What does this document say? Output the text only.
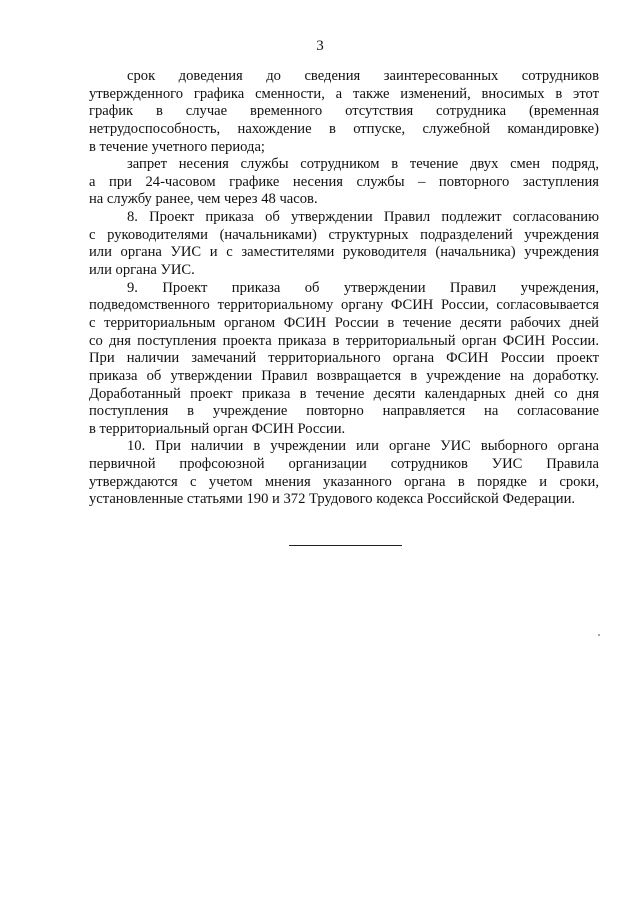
3
срок доведения до сведения заинтересованных сотрудников
утвержденного графика сменности, а также изменений, вносимых в этот
график в случае временного отсутствия сотрудника (временная
нетрудоспособность, нахождение в отпуске, служебной командировке)
в течение учетного периода;
запрет несения службы сотрудником в течение двух смен подряд,
а при 24-часовом графике несения службы – повторного заступления
на службу ранее, чем через 48 часов.
8. Проект приказа об утверждении Правил подлежит согласованию
с руководителями (начальниками) структурных подразделений учреждения
или органа УИС и с заместителями руководителя (начальника) учреждения
или органа УИС.
9. Проект приказа об утверждении Правил учреждения,
подведомственного территориальному органу ФСИН России, согласовывается
с территориальным органом ФСИН России в течение десяти рабочих дней
со дня поступления проекта приказа в территориальный орган ФСИН России.
При наличии замечаний территориального органа ФСИН России проект
приказа об утверждении Правил возвращается в учреждение на доработку.
Доработанный проект приказа в течение десяти календарных дней со дня
поступления в учреждение повторно направляется на согласование
в территориальный орган ФСИН России.
10. При наличии в учреждении или органе УИС выборного органа
первичной профсоюзной организации сотрудников УИС Правила
утверждаются с учетом мнения указанного органа в порядке и сроки,
установленные статьями 190 и 372 Трудового кодекса Российской Федерации.
